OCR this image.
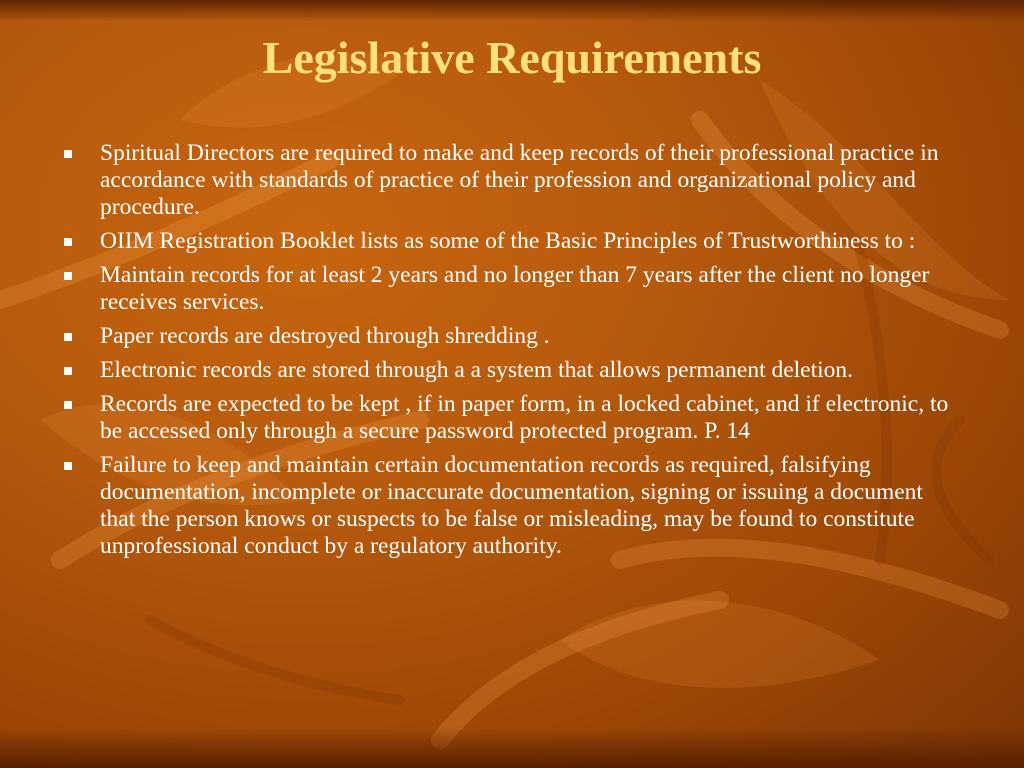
Legislative Requirements
Spiritual Directors are required to make and keep records of their professional practice in accordance with standards of practice of their profession and organizational policy and procedure.
OIIM Registration Booklet lists as some of the Basic Principles of Trustworthiness to :
Maintain records for at least 2 years and no longer than 7 years after the client no longer receives services.
Paper records are destroyed through shredding .
Electronic records are stored through a a system that allows permanent deletion.
Records are expected to be kept , if in paper form, in a locked cabinet, and if electronic, to be accessed only through a secure password protected program. P. 14
Failure to keep and maintain certain documentation records as required, falsifying documentation, incomplete or inaccurate documentation, signing or issuing a document that the person knows or suspects to be false or misleading, may be found to constitute unprofessional conduct by a regulatory authority.
